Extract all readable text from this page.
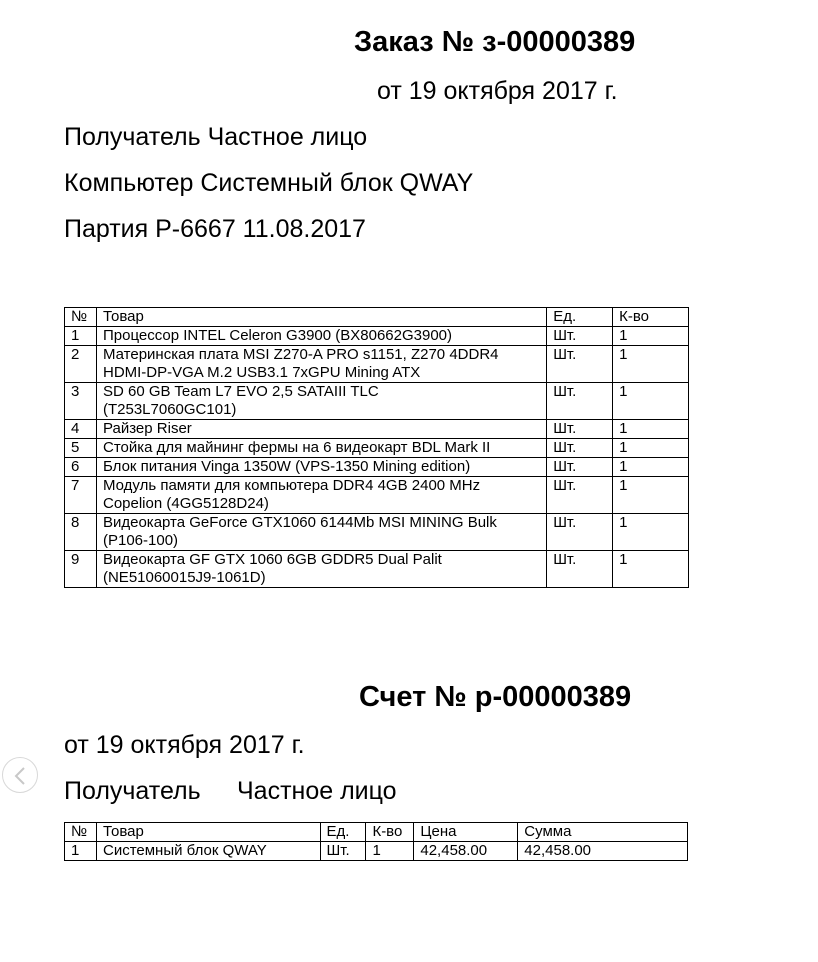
Заказ № з-00000389
от 19 октября 2017 г.
Получатель Частное лицо
Компьютер Системный блок QWAY
Партия Р-6667 11.08.2017
№	Товар	Ед.	К-во
1	Процессор INTEL Celeron G3900 (BX80662G3900)	Шт.	1
2	Материнская плата MSI Z270-A PRO s1151, Z270 4DDR4
HDMI-DP-VGA M.2 USB3.1 7xGPU Mining ATX	Шт.	1
3	SD 60 GB Team L7 EVO 2,5 SATAIII TLC
(T253L7060GC101)	Шт.	1
4	Райзер Riser	Шт.	1
5	Стойка для майнинг фермы на 6 видеокарт BDL Mark II	Шт.	1
6	Блок питания Vinga 1350W (VPS-1350 Mining edition)	Шт.	1
7	Модуль памяти для компьютера DDR4 4GB 2400 MHz
Copelion (4GG5128D24)	Шт.	1
8	Видеокарта GeForce GTX1060 6144Mb MSI MINING Bulk
(P106-100)	Шт.	1
9	Видеокарта GF GTX 1060 6GB GDDR5 Dual Palit
(NE51060015J9-1061D)	Шт.	1
Счет № р-00000389
от 19 октября 2017 г.
Получатель Частное лицо
№	Товар	Ед.	К-во	Цена	Сумма
1	Системный блок QWAY	Шт.	1	42,458.00	42,458.00
